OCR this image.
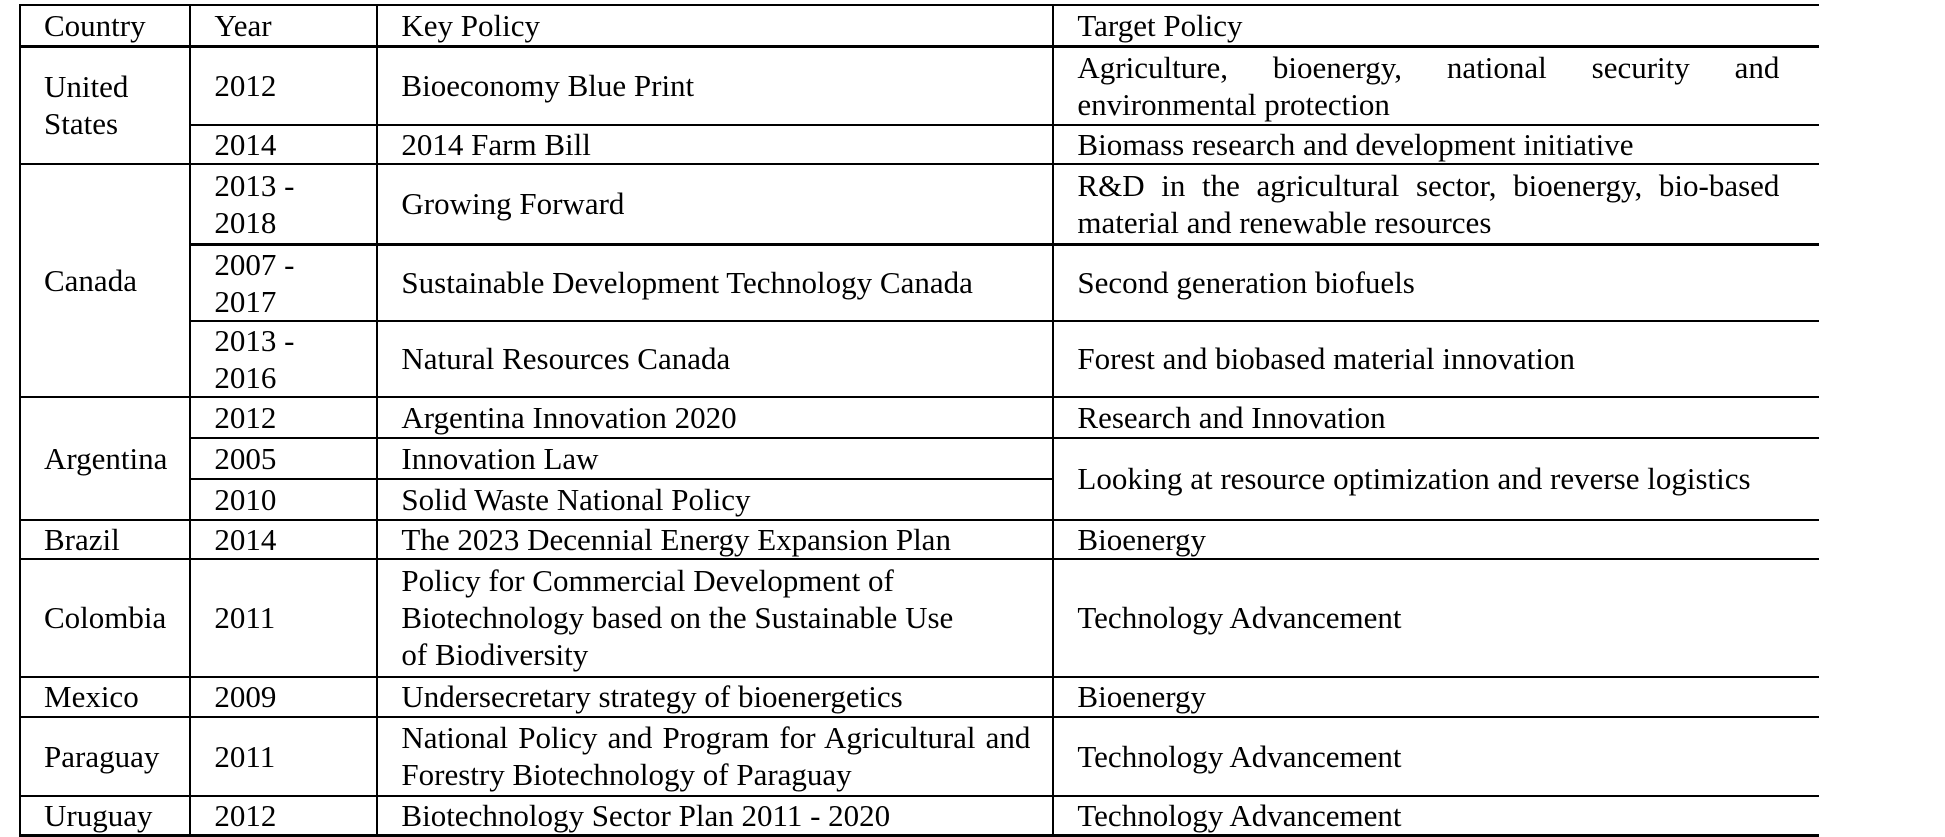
Country	Year	Key Policy	Target Policy
United States	2012	Bioeconomy Blue Print	Agriculture, bioenergy, national security and environmental protection
	2014	2014 Farm Bill	Biomass research and development initiative
Canada	2013 - 2018	Growing Forward	R&D in the agricultural sector, bioenergy, bio-based material and renewable resources
	2007 - 2017	Sustainable Development Technology Canada	Second generation biofuels
	2013 - 2016	Natural Resources Canada	Forest and biobased material innovation
Argentina	2012	Argentina Innovation 2020	Research and Innovation
	2005	Innovation Law	Looking at resource optimization and reverse logistics
	2010	Solid Waste National Policy	
Brazil	2014	The 2023 Decennial Energy Expansion Plan	Bioenergy
Colombia	2011	Policy for Commercial Development of Biotechnology based on the Sustainable Use of Biodiversity	Technology Advancement
Mexico	2009	Undersecretary strategy of bioenergetics	Bioenergy
Paraguay	2011	National Policy and Program for Agricultural and Forestry Biotechnology of Paraguay	Technology Advancement
Uruguay	2012	Biotechnology Sector Plan 2011 - 2020	Technology Advancement
